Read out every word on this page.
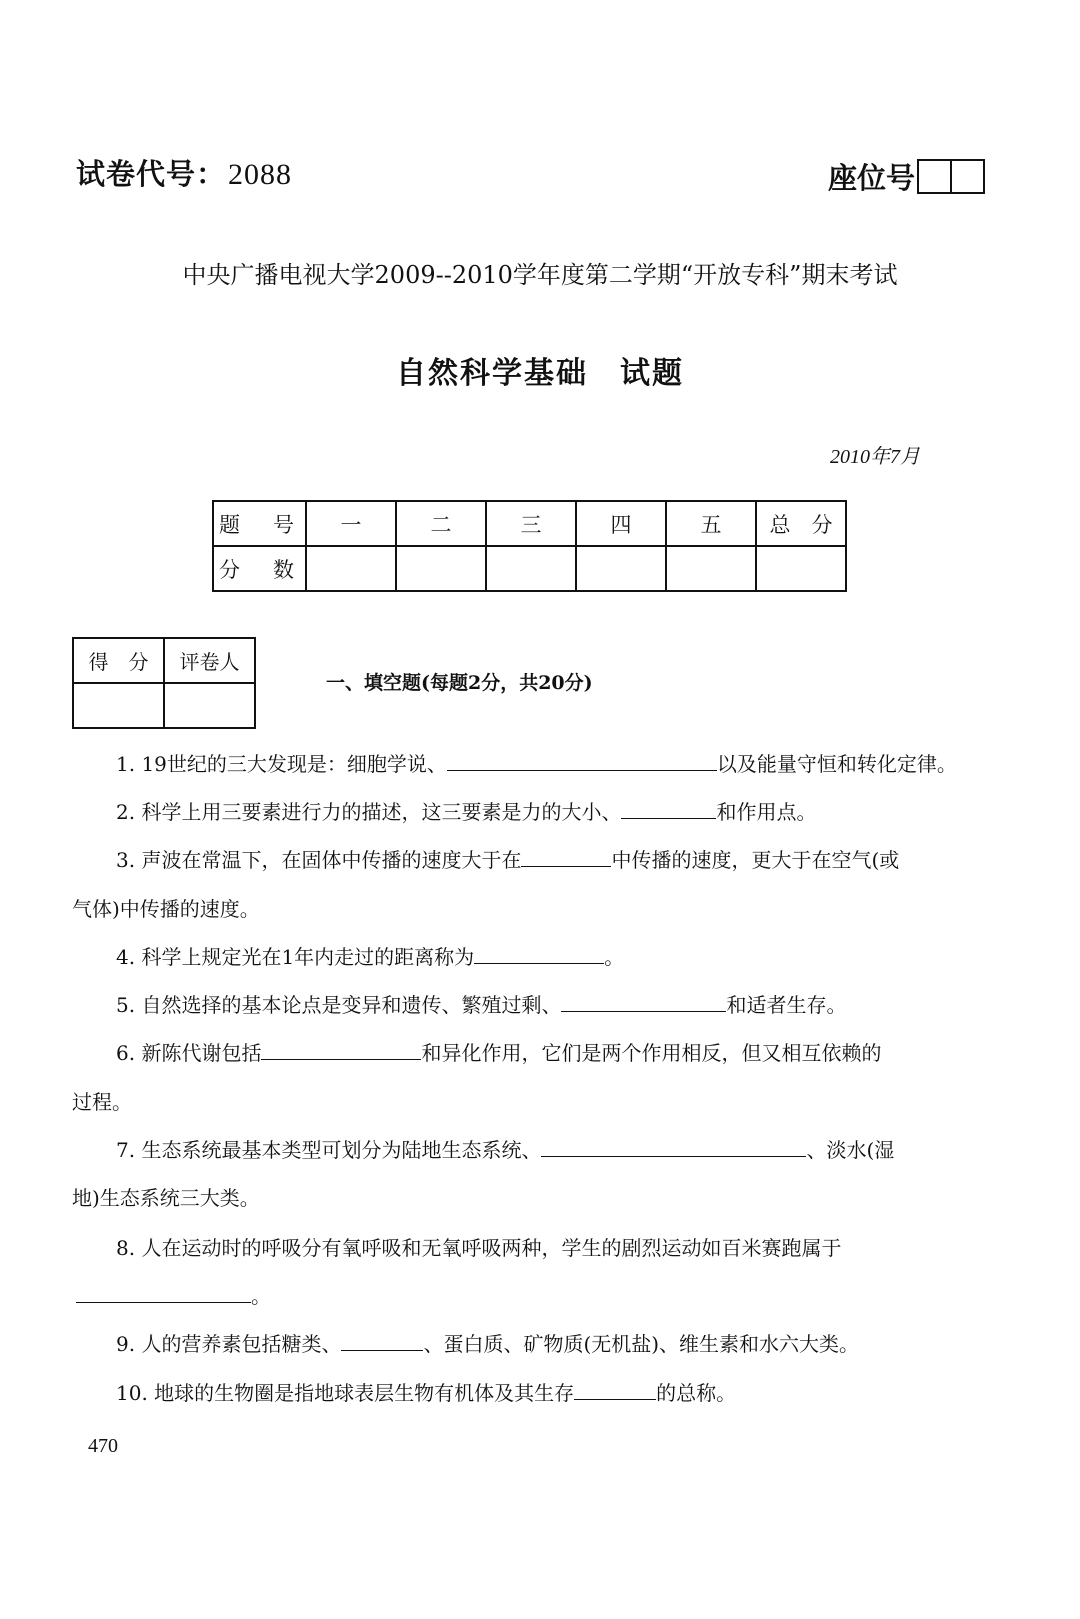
试卷代号：2088	座位号
中央广播电视大学2009--2010学年度第二学期“开放专科”期末考试
自然科学基础　试题
2010年7月
题　号	一	二	三	四	五	总　分
分　数						
得　分	评卷人

一、填空题(每题2分，共20分)
1. 19世纪的三大发现是：细胞学说、	以及能量守恒和转化定律。
2. 科学上用三要素进行力的描述，这三要素是力的大小、	和作用点。
3. 声波在常温下，在固体中传播的速度大于在	中传播的速度，更大于在空气(或
气体)中传播的速度。
4. 科学上规定光在1年内走过的距离称为	。
5. 自然选择的基本论点是变异和遗传、繁殖过剩、	和适者生存。
6. 新陈代谢包括	和异化作用，它们是两个作用相反，但又相互依赖的
过程。
7. 生态系统最基本类型可划分为陆地生态系统、	、淡水(湿
地)生态系统三大类。
8. 人在运动时的呼吸分有氧呼吸和无氧呼吸两种，学生的剧烈运动如百米赛跑属于
。
9. 人的营养素包括糖类、	、蛋白质、矿物质(无机盐)、维生素和水六大类。
10. 地球的生物圈是指地球表层生物有机体及其生存	的总称。
470
